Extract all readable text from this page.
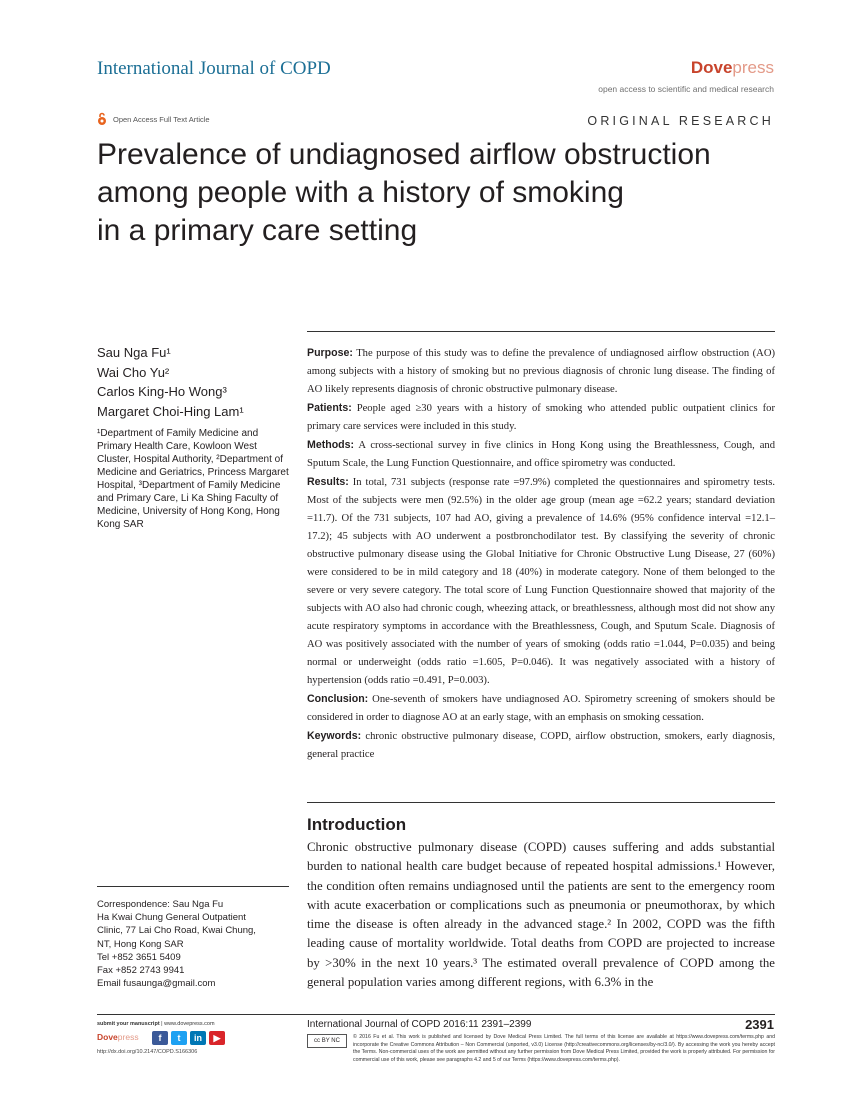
International Journal of COPD	Dovepress
open access to scientific and medical research
Open Access Full Text Article	ORIGINAL RESEARCH
Prevalence of undiagnosed airflow obstruction
among people with a history of smoking
in a primary care setting
Sau Nga Fu¹
Wai Cho Yu²
Carlos King-Ho Wong³
Margaret Choi-Hing Lam¹
¹Department of Family Medicine and Primary Health Care, Kowloon West Cluster, Hospital Authority, ²Department of Medicine and Geriatrics, Princess Margaret Hospital, ³Department of Family Medicine and Primary Care, Li Ka Shing Faculty of Medicine, University of Hong Kong, Hong Kong SAR
Correspondence: Sau Nga Fu
Ha Kwai Chung General Outpatient
Clinic, 77 Lai Cho Road, Kwai Chung,
NT, Hong Kong SAR
Tel +852 3651 5409
Fax +852 2743 9941
Email fusaunga@gmail.com

Purpose: The purpose of this study was to define the prevalence of undiagnosed airflow obstruction (AO) among subjects with a history of smoking but no previous diagnosis of chronic lung disease. The finding of AO likely represents diagnosis of chronic obstructive pulmonary disease.

Patients: People aged ≥30 years with a history of smoking who attended public outpatient clinics for primary care services were included in this study.

Methods: A cross-sectional survey in five clinics in Hong Kong using the Breathlessness, Cough, and Sputum Scale, the Lung Function Questionnaire, and office spirometry was conducted.

Results: In total, 731 subjects (response rate =97.9%) completed the questionnaires and spirometry tests. Most of the subjects were men (92.5%) in the older age group (mean age =62.2 years; standard deviation =11.7). Of the 731 subjects, 107 had AO, giving a prevalence of 14.6% (95% confidence interval =12.1–17.2); 45 subjects with AO underwent a postbronchodilator test. By classifying the severity of chronic obstructive pulmonary disease using the Global Initiative for Chronic Obstructive Lung Disease, 27 (60%) were considered to be in mild category and 18 (40%) in moderate category. None of them belonged to the severe or very severe category. The total score of Lung Function Questionnaire showed that majority of the subjects with AO also had chronic cough, wheezing attack, or breathlessness, although most did not show any acute respiratory symptoms in accordance with the Breathlessness, Cough, and Sputum Scale. Diagnosis of AO was positively associated with the number of years of smoking (odds ratio =1.044, P=0.035) and being normal or underweight (odds ratio =1.605, P=0.046). It was negatively associated with a history of hypertension (odds ratio =0.491, P=0.003).

Conclusion: One-seventh of smokers have undiagnosed AO. Spirometry screening of smokers should be considered in order to diagnose AO at an early stage, with an emphasis on smoking cessation.

Keywords: chronic obstructive pulmonary disease, COPD, airflow obstruction, smokers, early diagnosis, general practice

Introduction
Chronic obstructive pulmonary disease (COPD) causes suffering and adds substantial burden to national health care budget because of repeated hospital admissions.¹ However, the condition often remains undiagnosed until the patients are sent to the emergency room with acute exacerbation or complications such as pneumonia or pneumothorax, by which time the disease is often already in the advanced stage.² In 2002, COPD was the fifth leading cause of mortality worldwide. Total deaths from COPD are projected to increase by >30% in the next 10 years.³ The estimated overall prevalence of COPD among the general population varies among different regions, with 6.3% in the
submit your manuscript | www.dovepress.com
Dovepress	f	t	in	▶
http://dx.doi.org/10.2147/COPD.S166306
International Journal of COPD 2016:11 2391–2399	2391
cc BY NC
© 2016 Fu et al. This work is published and licensed by Dove Medical Press Limited. The full terms of this license are available at https://www.dovepress.com/terms.php and incorporate the Creative Commons Attribution – Non Commercial (unported, v3.0) License (http://creativecommons.org/licenses/by-nc/3.0/). By accessing the work you hereby accept the Terms. Non-commercial uses of the work are permitted without any further permission from Dove Medical Press Limited, provided the work is properly attributed. For permission for commercial use of this work, please see paragraphs 4.2 and 5 of our Terms (https://www.dovepress.com/terms.php).
